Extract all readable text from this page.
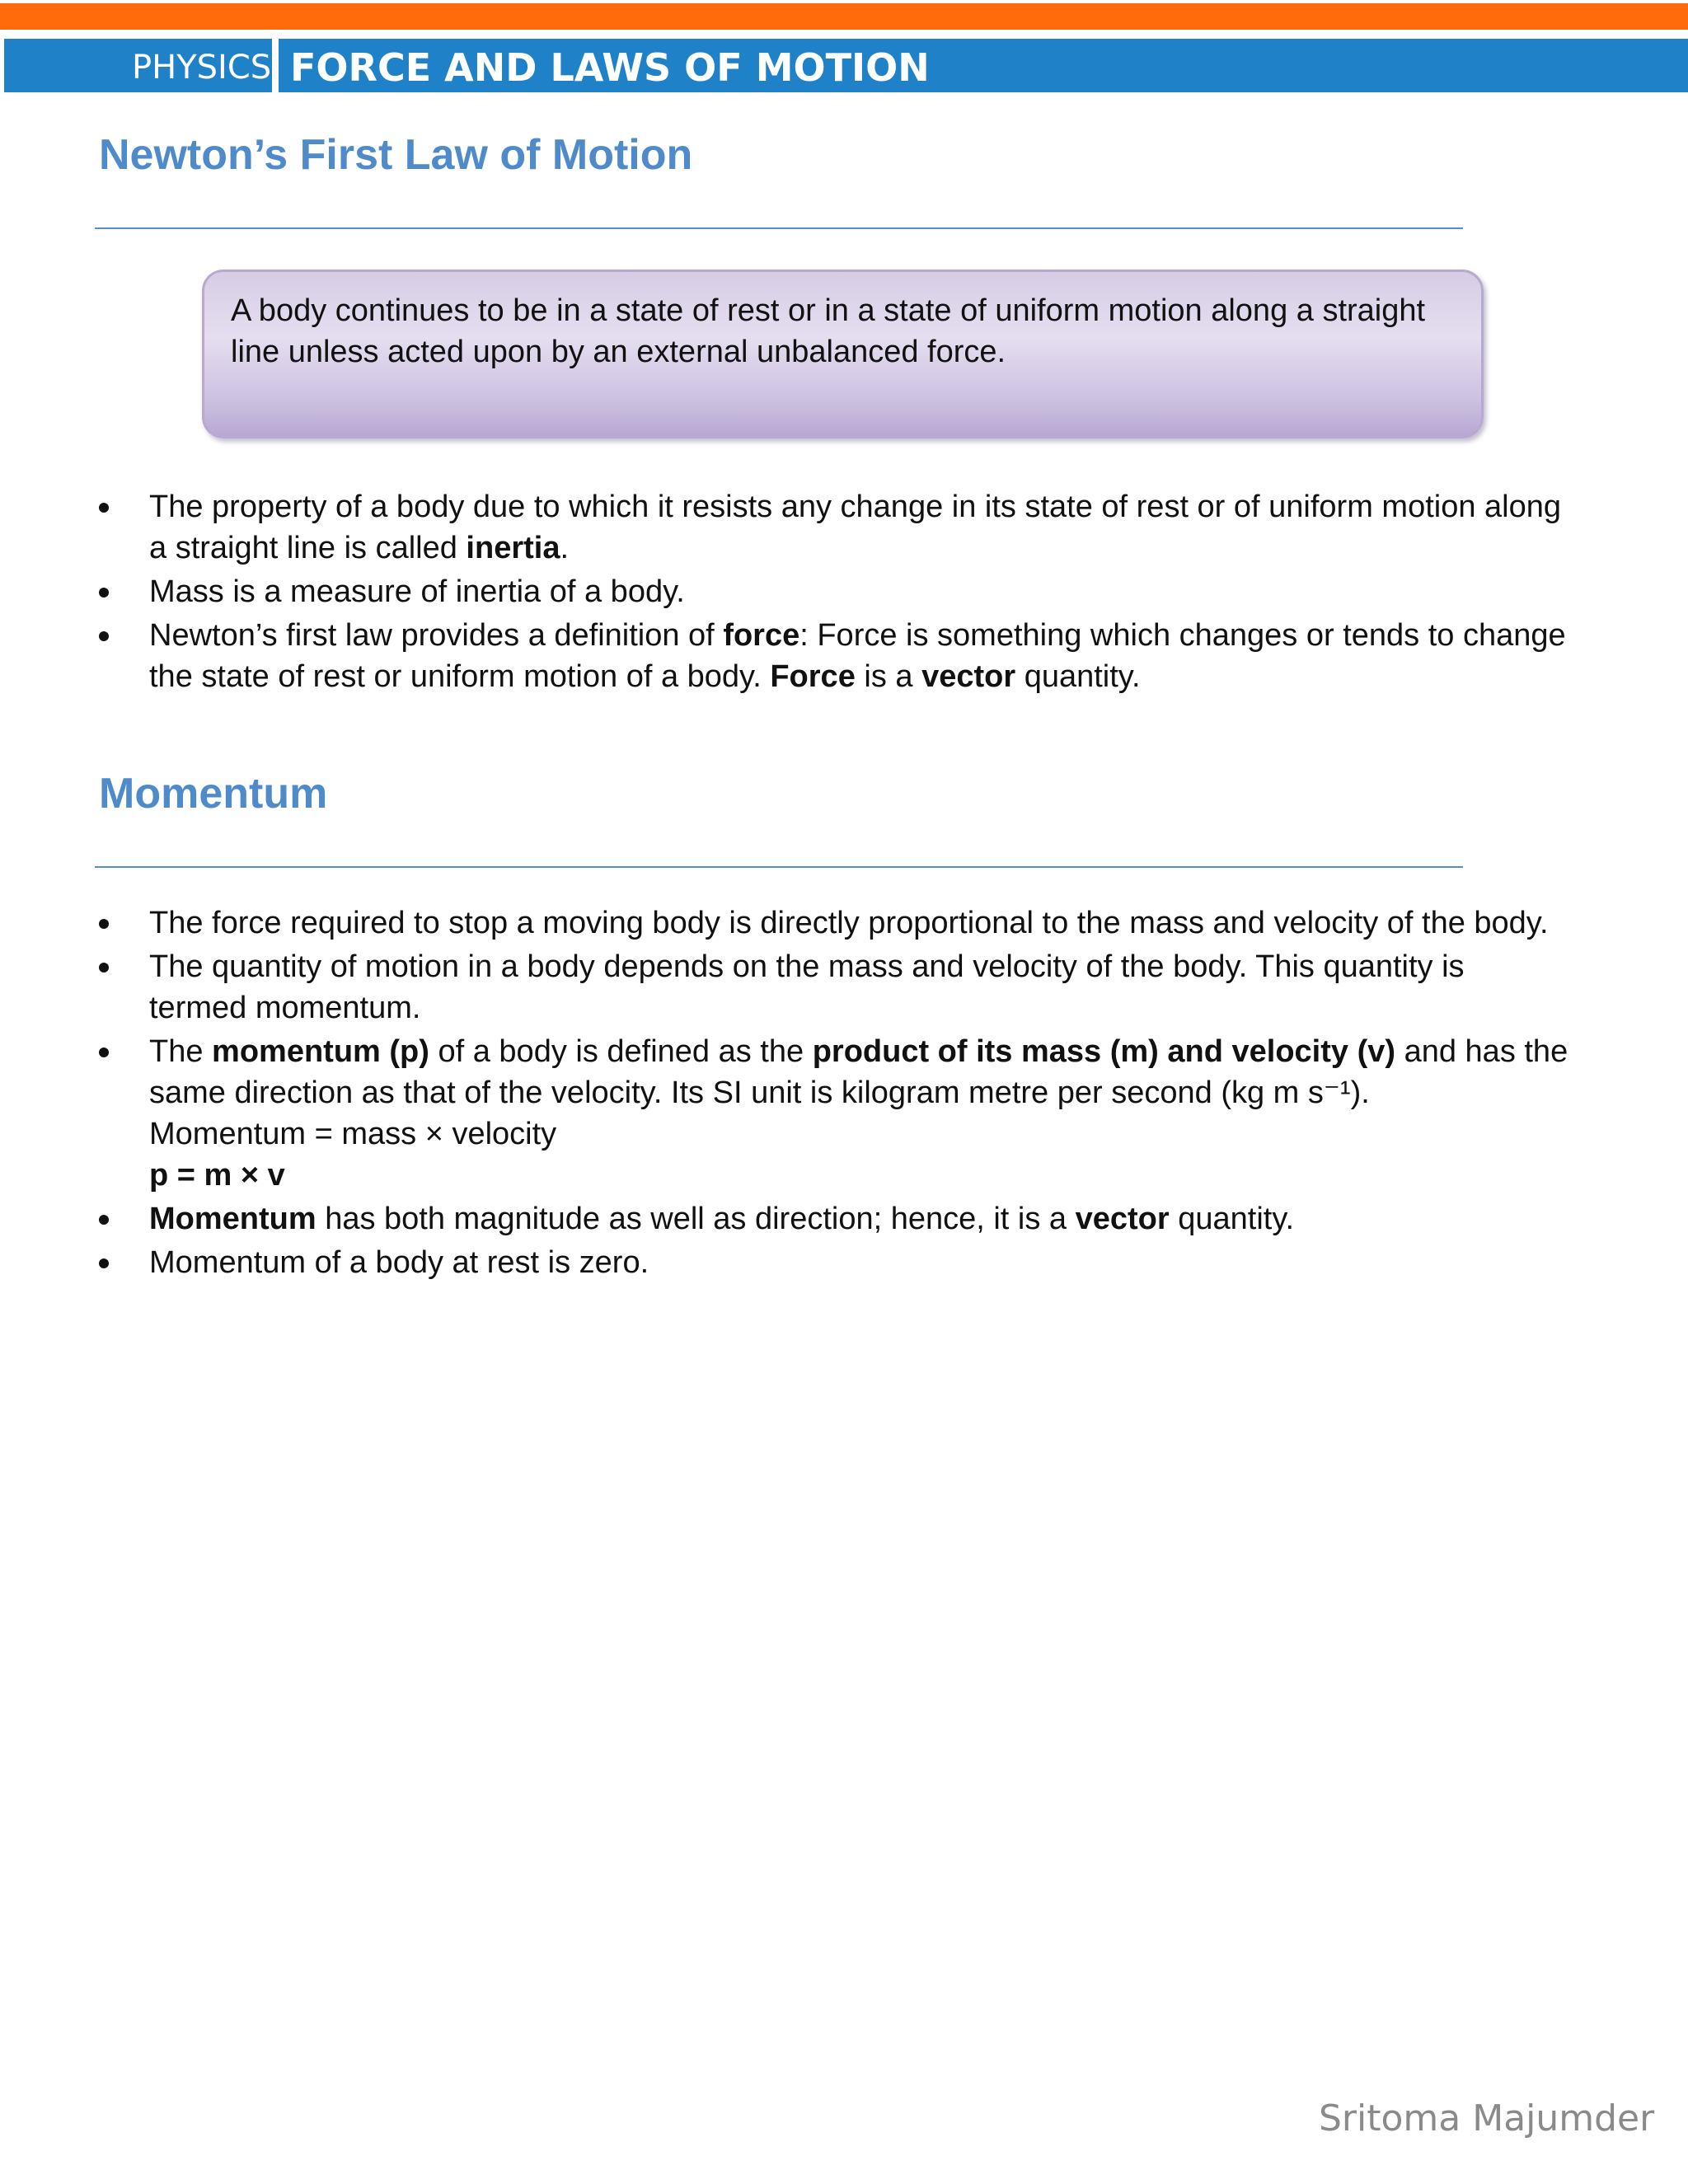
PHYSICS FORCE AND LAWS OF MOTION
Newton’s First Law of Motion
A body continues to be in a state of rest or in a state of uniform motion along a straight line unless acted upon by an external unbalanced force.
The property of a body due to which it resists any change in its state of rest or of uniform motion along
a straight line is called inertia.
Mass is a measure of inertia of a body.
Newton’s first law provides a definition of force: Force is something which changes or tends to change
the state of rest or uniform motion of a body. Force is a vector quantity.
Momentum
The force required to stop a moving body is directly proportional to the mass and velocity of the body.
The quantity of motion in a body depends on the mass and velocity of the body. This quantity is
termed momentum.
The momentum (p) of a body is defined as the product of its mass (m) and velocity (v) and has the
same direction as that of the velocity. Its SI unit is kilogram metre per second (kg m s⁻¹).
Momentum = mass × velocity
p = m × v
Momentum has both magnitude as well as direction; hence, it is a vector quantity.
Momentum of a body at rest is zero.
Sritoma Majumder
